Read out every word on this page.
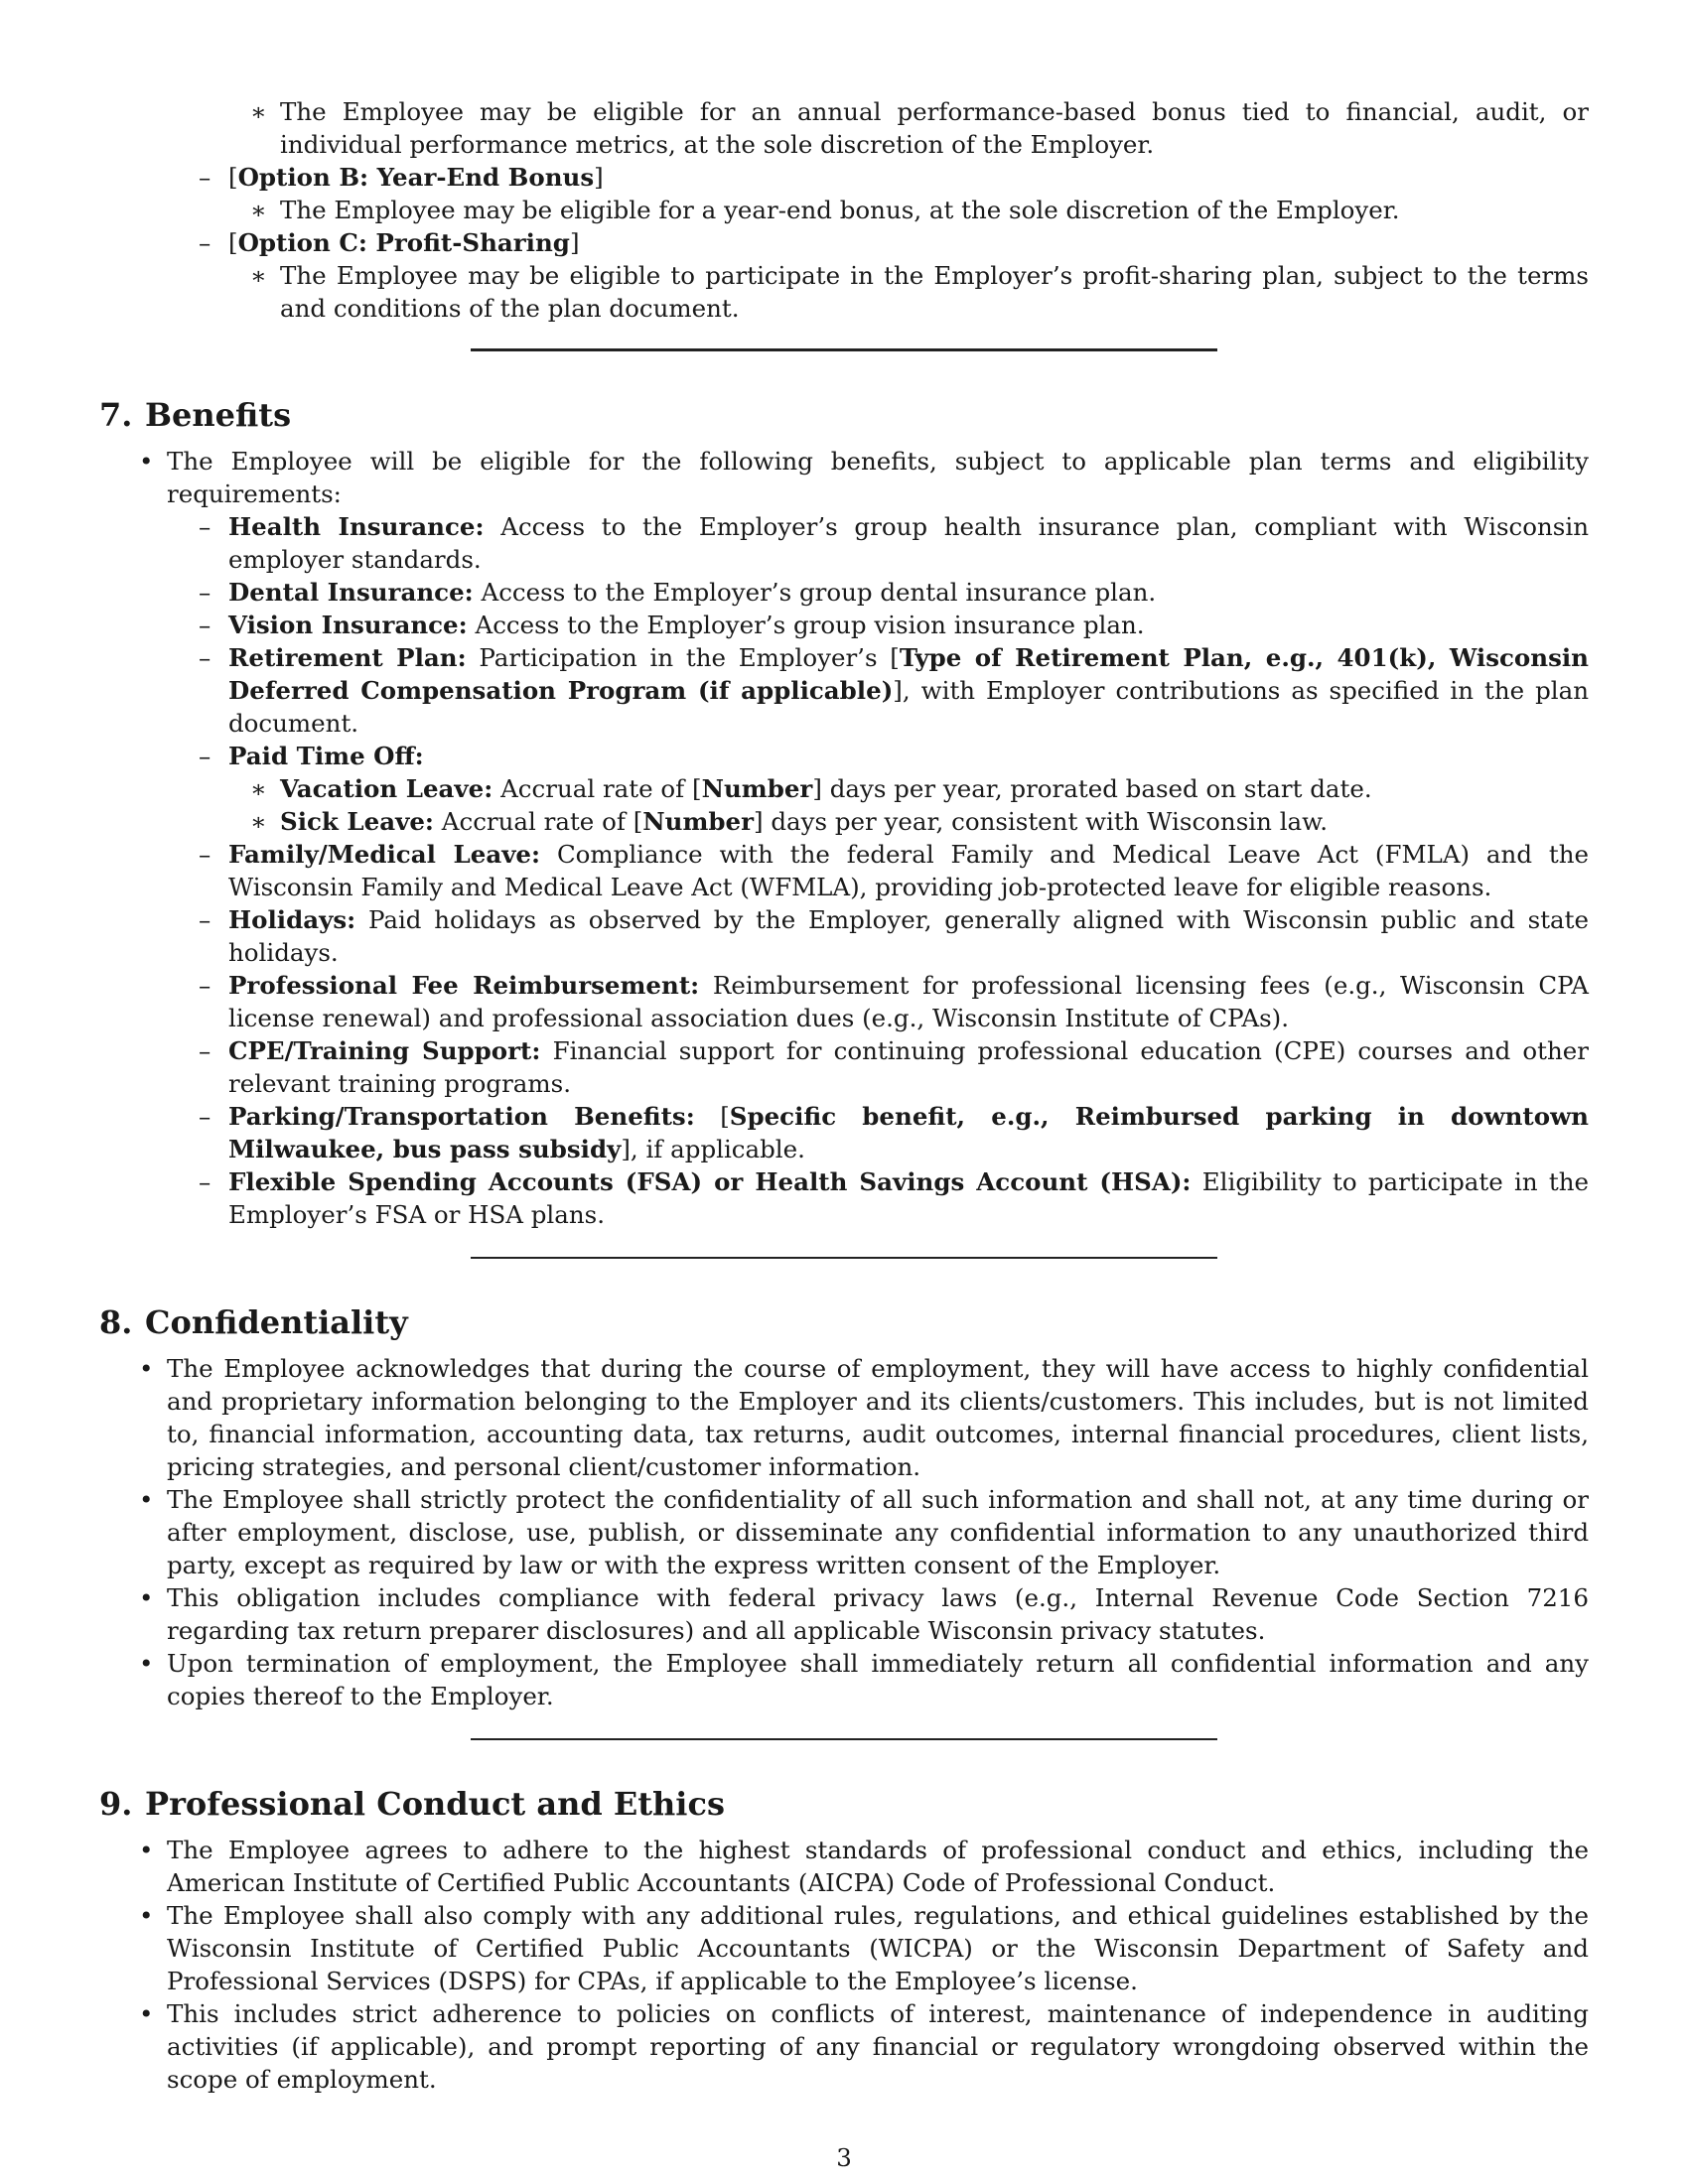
∗ The Employee may be eligible for an annual performance-based bonus tied to financial, audit, or individual performance metrics, at the sole discretion of the Employer.
– [Option B: Year-End Bonus]
∗ The Employee may be eligible for a year-end bonus, at the sole discretion of the Employer.
– [Option C: Profit-Sharing]
∗ The Employee may be eligible to participate in the Employer’s profit-sharing plan, subject to the terms and conditions of the plan document.
7. Benefits
• The Employee will be eligible for the following benefits, subject to applicable plan terms and eligibility requirements:
– Health Insurance: Access to the Employer’s group health insurance plan, compliant with Wisconsin employer standards.
– Dental Insurance: Access to the Employer’s group dental insurance plan.
– Vision Insurance: Access to the Employer’s group vision insurance plan.
– Retirement Plan: Participation in the Employer’s [Type of Retirement Plan, e.g., 401(k), Wisconsin Deferred Compensation Program (if applicable)], with Employer contributions as specified in the plan document.
– Paid Time Off:
∗ Vacation Leave: Accrual rate of [Number] days per year, prorated based on start date.
∗ Sick Leave: Accrual rate of [Number] days per year, consistent with Wisconsin law.
– Family/Medical Leave: Compliance with the federal Family and Medical Leave Act (FMLA) and the Wisconsin Family and Medical Leave Act (WFMLA), providing job-protected leave for eligible reasons.
– Holidays: Paid holidays as observed by the Employer, generally aligned with Wisconsin public and state holidays.
– Professional Fee Reimbursement: Reimbursement for professional licensing fees (e.g., Wisconsin CPA license renewal) and professional association dues (e.g., Wisconsin Institute of CPAs).
– CPE/Training Support: Financial support for continuing professional education (CPE) courses and other relevant training programs.
– Parking/Transportation Benefits: [Specific benefit, e.g., Reimbursed parking in downtown Milwaukee, bus pass subsidy], if applicable.
– Flexible Spending Accounts (FSA) or Health Savings Account (HSA): Eligibility to participate in the Employer’s FSA or HSA plans.
8. Confidentiality
• The Employee acknowledges that during the course of employment, they will have access to highly confidential and proprietary information belonging to the Employer and its clients/customers. This includes, but is not limited to, financial information, accounting data, tax returns, audit outcomes, internal financial procedures, client lists, pricing strategies, and personal client/customer information.
• The Employee shall strictly protect the confidentiality of all such information and shall not, at any time during or after employment, disclose, use, publish, or disseminate any confidential information to any unauthorized third party, except as required by law or with the express written consent of the Employer.
• This obligation includes compliance with federal privacy laws (e.g., Internal Revenue Code Section 7216 regarding tax return preparer disclosures) and all applicable Wisconsin privacy statutes.
• Upon termination of employment, the Employee shall immediately return all confidential information and any copies thereof to the Employer.
9. Professional Conduct and Ethics
• The Employee agrees to adhere to the highest standards of professional conduct and ethics, including the American Institute of Certified Public Accountants (AICPA) Code of Professional Conduct.
• The Employee shall also comply with any additional rules, regulations, and ethical guidelines established by the Wisconsin Institute of Certified Public Accountants (WICPA) or the Wisconsin Department of Safety and Professional Services (DSPS) for CPAs, if applicable to the Employee’s license.
• This includes strict adherence to policies on conflicts of interest, maintenance of independence in auditing activities (if applicable), and prompt reporting of any financial or regulatory wrongdoing observed within the scope of employment.
3
